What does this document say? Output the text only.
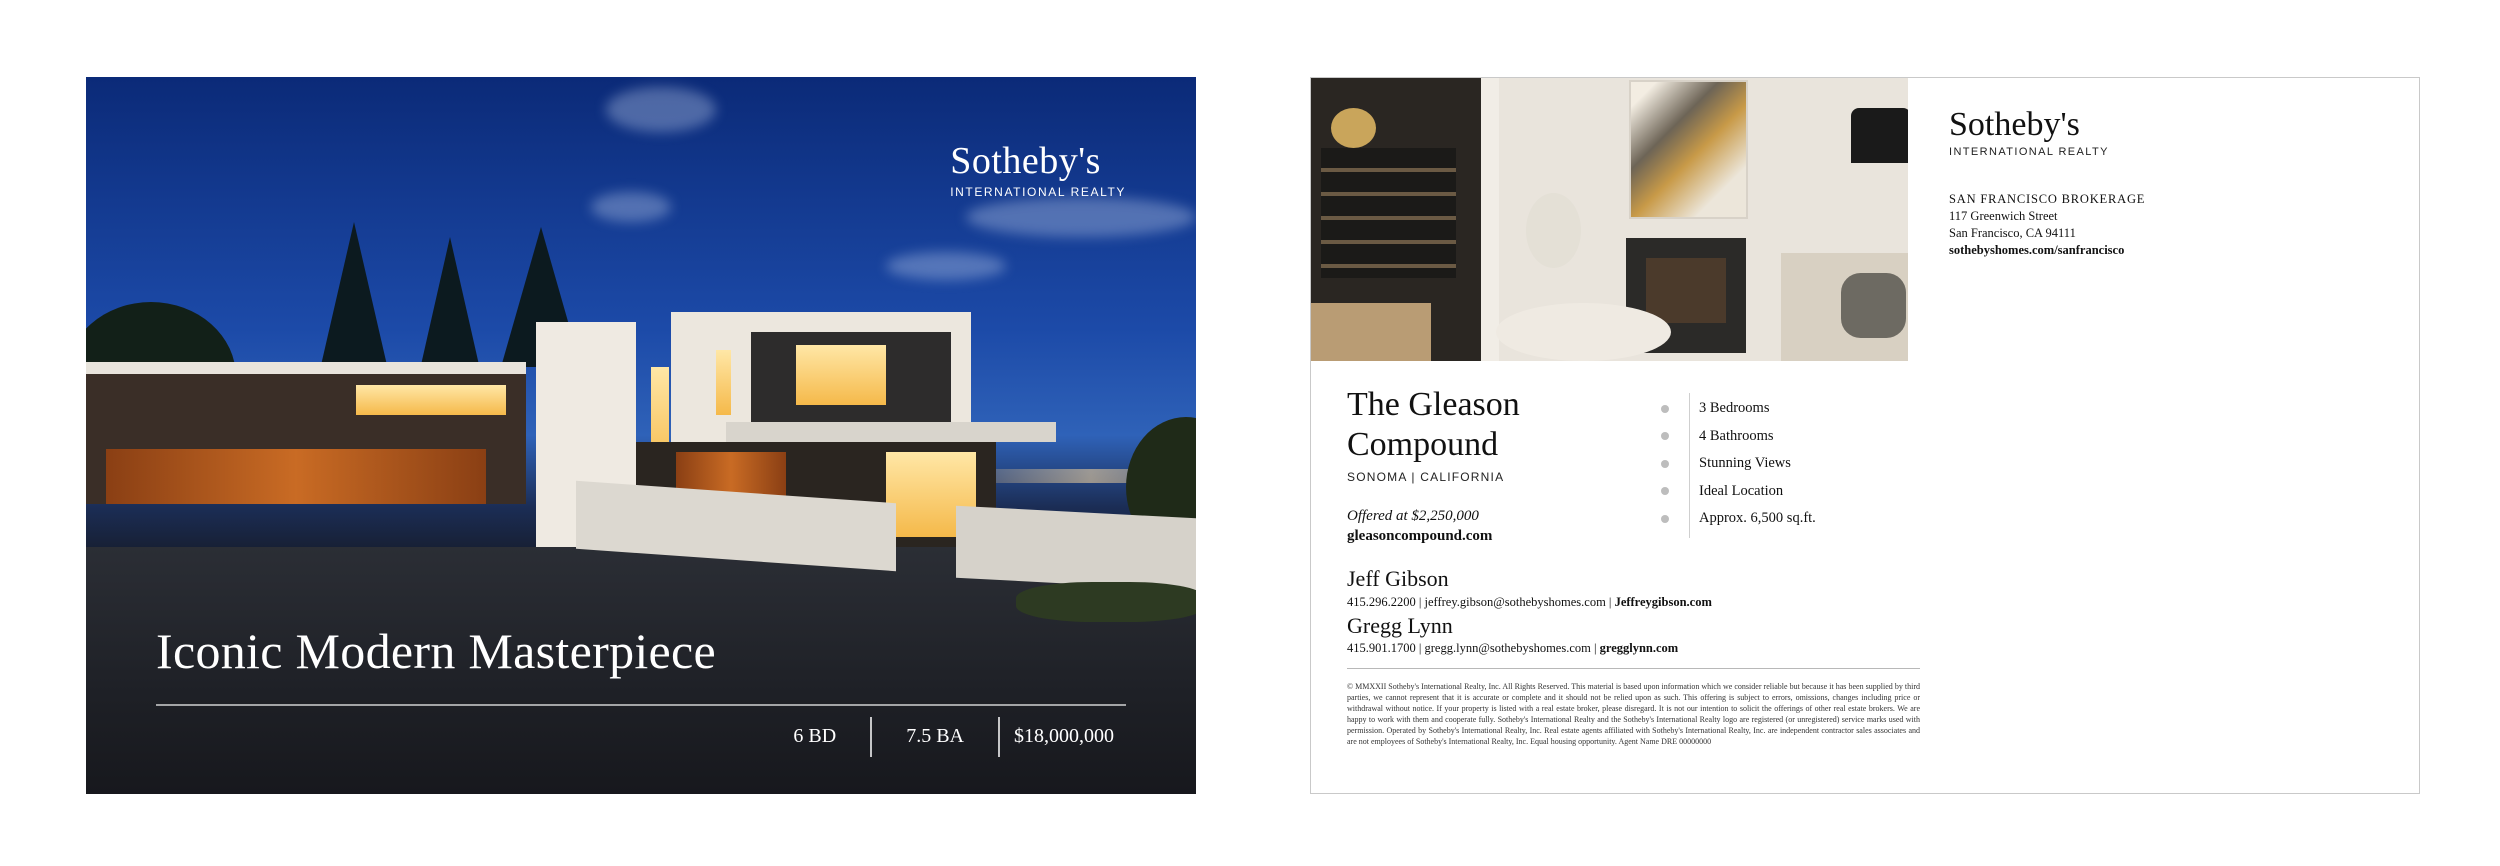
Sotheby's
INTERNATIONAL REALTY
Iconic Modern Masterpiece
6 BD	7.5 BA	$18,000,000
Sotheby's
INTERNATIONAL REALTY
SAN FRANCISCO BROKERAGE
117 Greenwich Street
San Francisco, CA 94111
sothebyshomes.com/sanfrancisco
The Gleason
Compound
SONOMA | CALIFORNIA
Offered at $2,250,000
gleasoncompound.com
3 Bedrooms
4 Bathrooms
Stunning Views
Ideal Location
Approx. 6,500 sq.ft.
Jeff Gibson
415.296.2200 | jeffrey.gibson@sothebyshomes.com | Jeffreygibson.com
Gregg Lynn
415.901.1700 | gregg.lynn@sothebyshomes.com | gregglynn.com
© MMXXII Sotheby's International Realty, Inc. All Rights Reserved. This material is based upon information which we consider reliable but because it has been supplied by third parties, we cannot represent that it is accurate or complete and it should not be relied upon as such. This offering is subject to errors, omissions, changes including price or withdrawal without notice. If your property is listed with a real estate broker, please disregard. It is not our intention to solicit the offerings of other real estate brokers. We are happy to work with them and cooperate fully. Sotheby's International Realty and the Sotheby's International Realty logo are registered (or unregistered) service marks used with permission. Operated by Sotheby's International Realty, Inc. Real estate agents affiliated with Sotheby's International Realty, Inc. are independent contractor sales associates and are not employees of Sotheby's International Realty, Inc. Equal housing opportunity. Agent Name DRE 00000000
